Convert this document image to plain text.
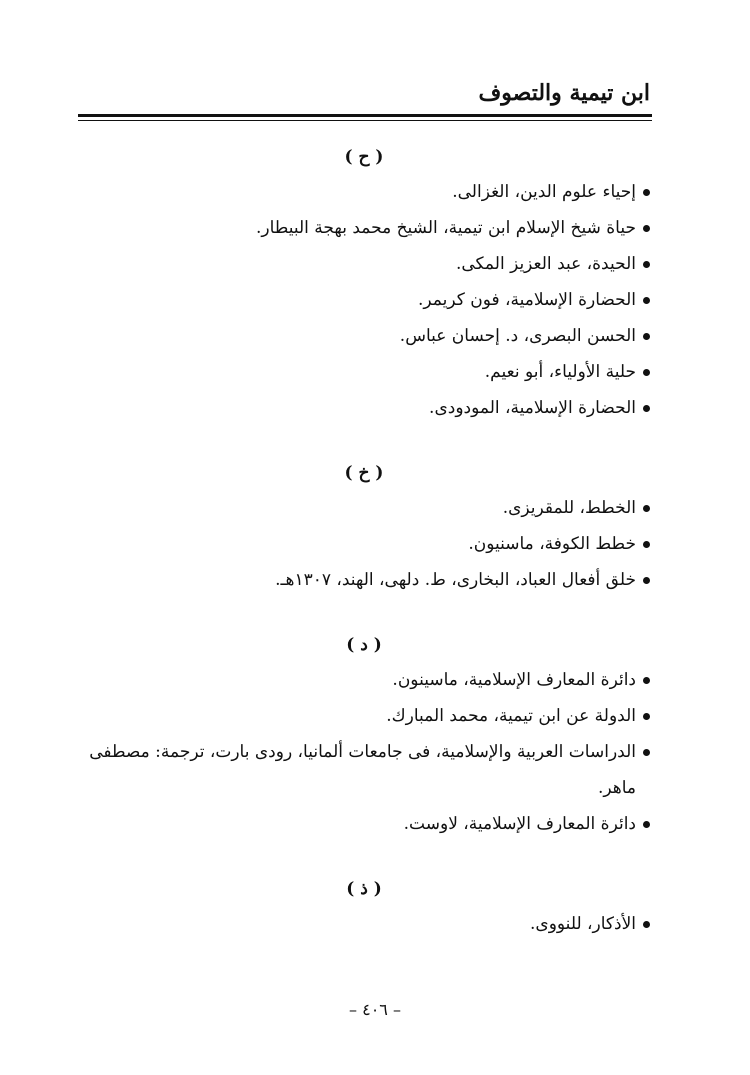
ابن تيمية والتصوف
( ح )
إحياء علوم الدين، الغزالى.
حياة شيخ الإسلام ابن تيمية، الشيخ محمد بهجة البيطار.
الحيدة، عبد العزيز المكى.
الحضارة الإسلامية، فون كريمر.
الحسن البصرى، د. إحسان عباس.
حلية الأولياء، أبو نعيم.
الحضارة الإسلامية، المودودى.
( خ )
الخطط، للمقريزى.
خطط الكوفة، ماسنيون.
خلق أفعال العباد، البخارى، ط. دلهى، الهند، ١٣٠٧هـ.
( د )
دائرة المعارف الإسلامية، ماسينون.
الدولة عن ابن تيمية، محمد المبارك.
الدراسات العربية والإسلامية، فى جامعات ألمانيا، رودى بارت، ترجمة: مصطفى ماهر.
دائرة المعارف الإسلامية، لاوست.
( ذ )
الأذكار، للنووى.
– ٤٠٦ –
